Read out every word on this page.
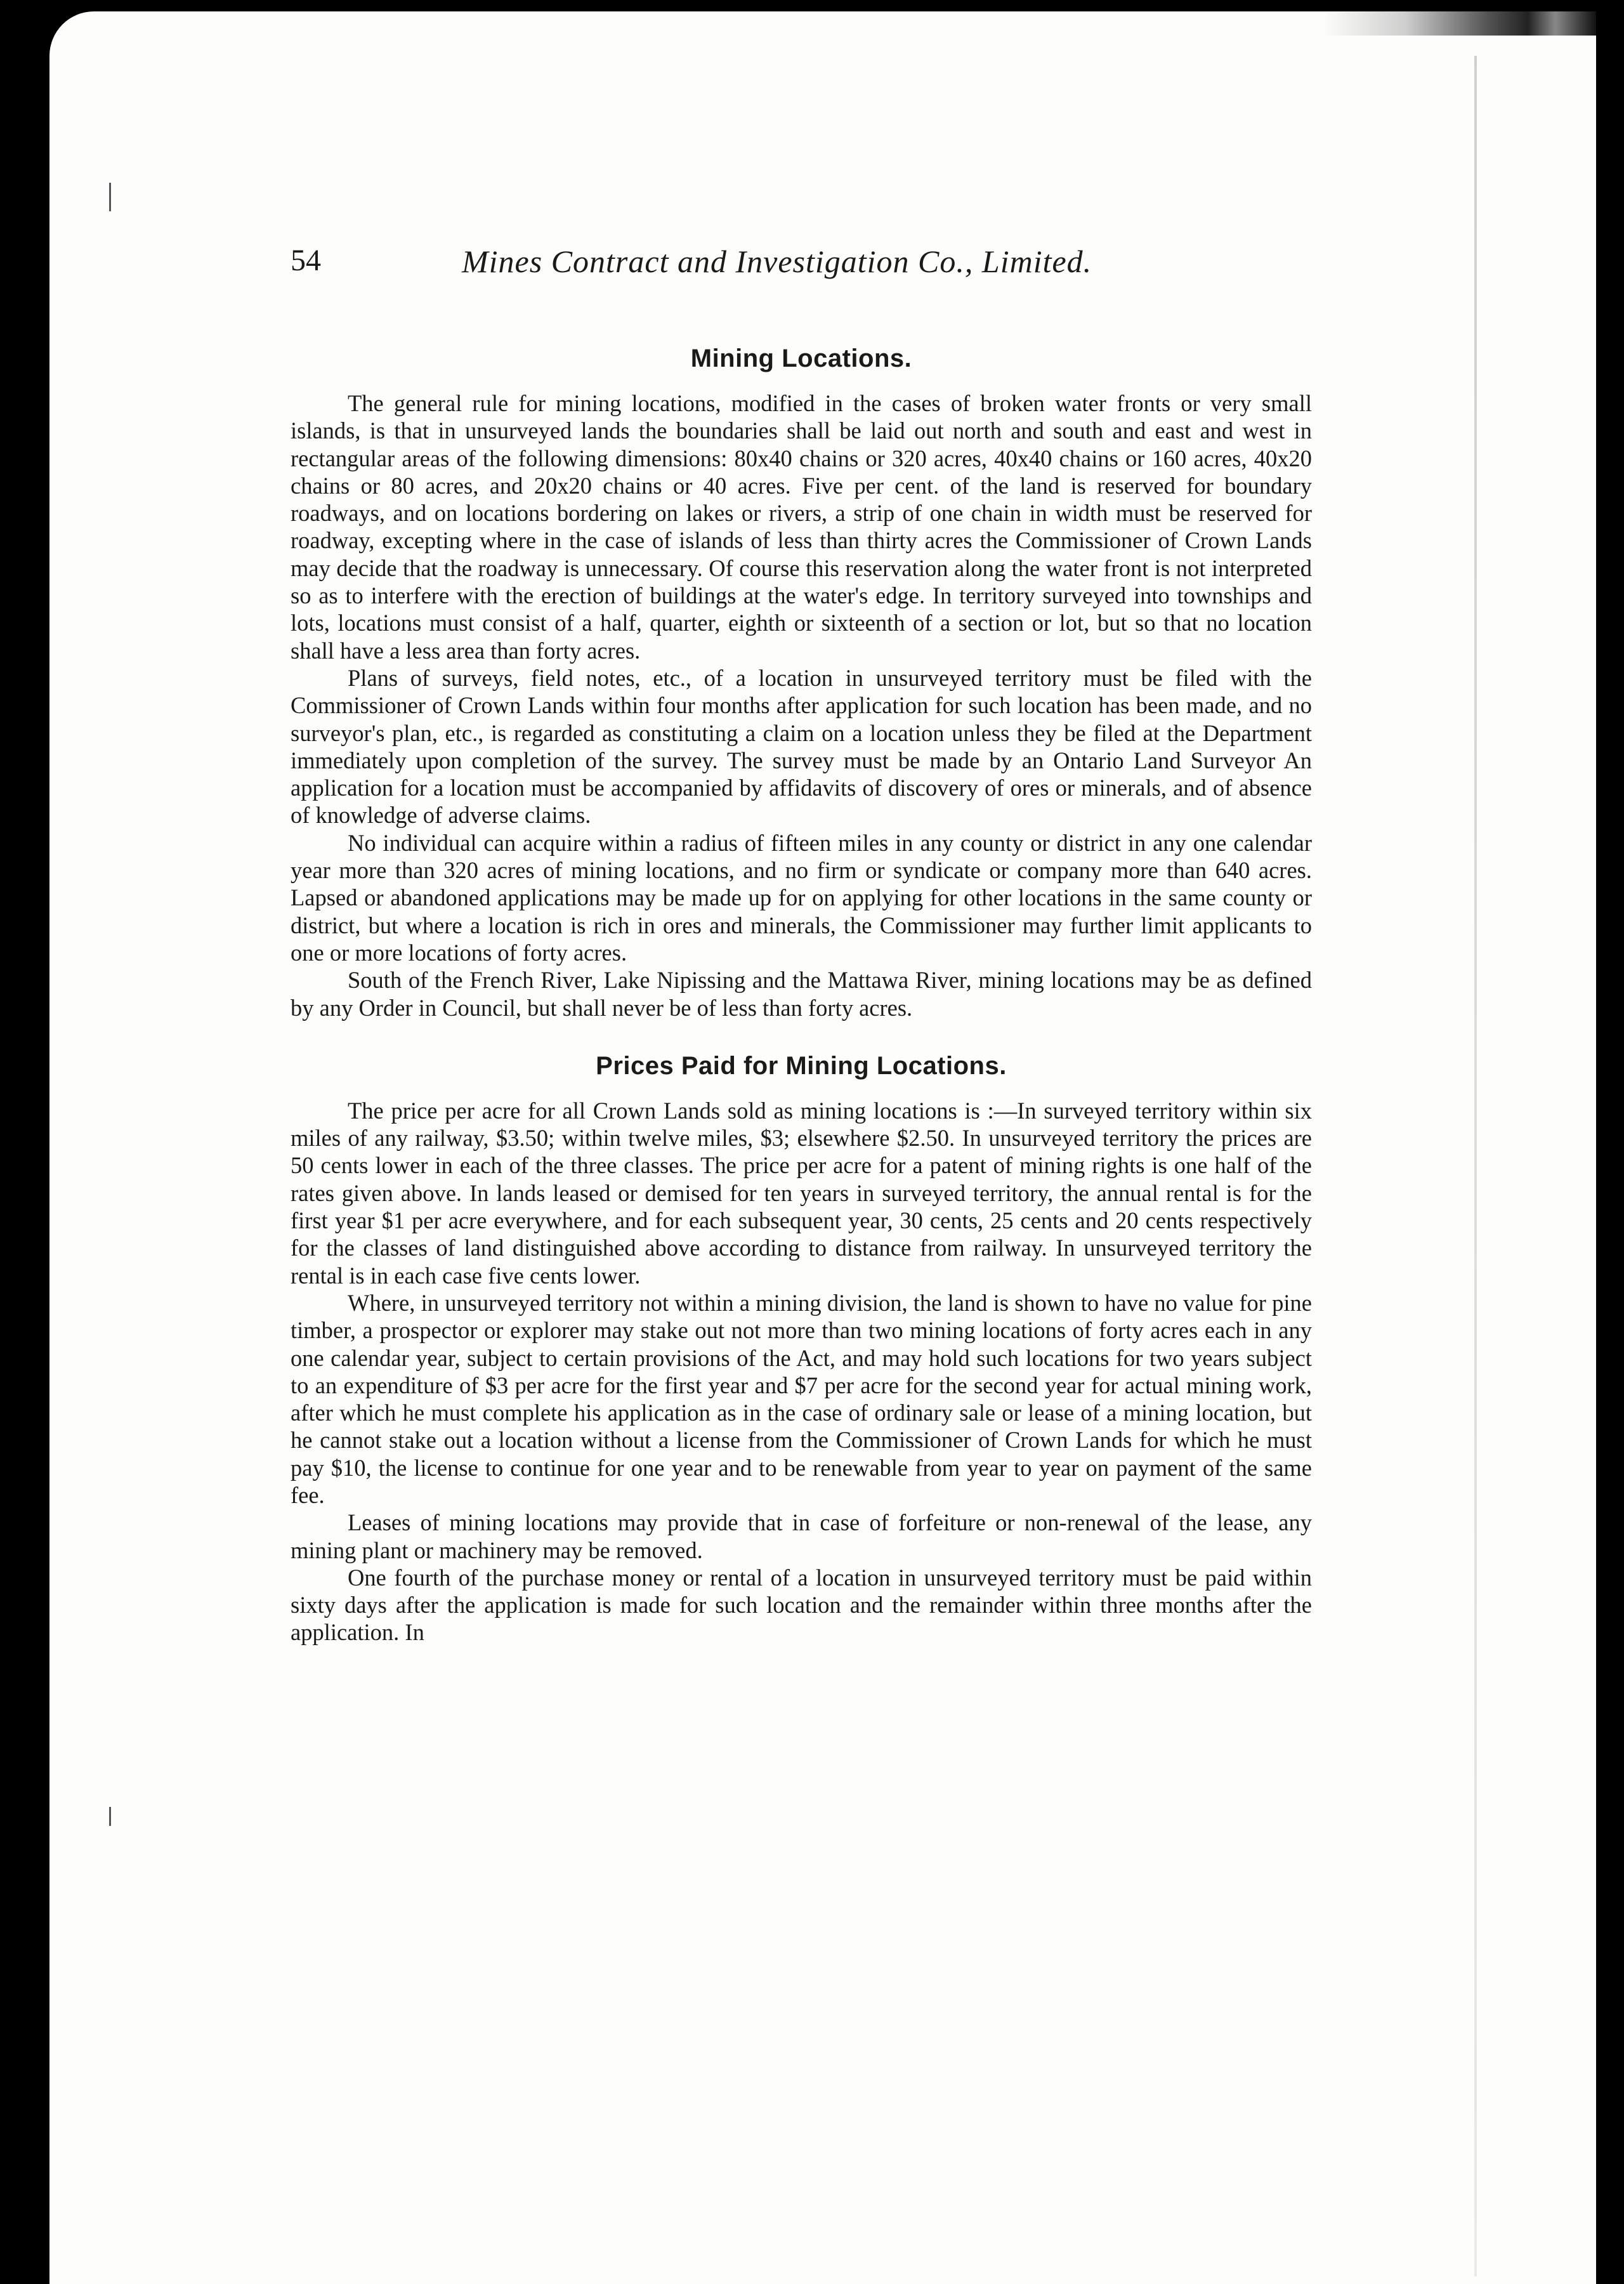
54	Mines Contract and Investigation Co., Limited.
Mining Locations.

The general rule for mining locations, modified in the cases of broken water fronts or very small islands, is that in unsurveyed lands the boundaries shall be laid out north and south and east and west in rectangular areas of the following dimensions: 80x40 chains or 320 acres, 40x40 chains or 160 acres, 40x20 chains or 80 acres, and 20x20 chains or 40 acres. Five per cent. of the land is reserved for boundary roadways, and on locations bordering on lakes or rivers, a strip of one chain in width must be reserved for roadway, excepting where in the case of islands of less than thirty acres the Commissioner of Crown Lands may decide that the roadway is unnecessary. Of course this reservation along the water front is not interpreted so as to interfere with the erection of buildings at the water's edge. In territory surveyed into townships and lots, locations must consist of a half, quarter, eighth or sixteenth of a section or lot, but so that no location shall have a less area than forty acres.

Plans of surveys, field notes, etc., of a location in unsurveyed territory must be filed with the Commissioner of Crown Lands within four months after application for such location has been made, and no surveyor's plan, etc., is regarded as constituting a claim on a location unless they be filed at the Department immediately upon completion of the survey. The survey must be made by an Ontario Land Surveyor An application for a location must be accompanied by affidavits of discovery of ores or minerals, and of absence of knowledge of adverse claims.

No individual can acquire within a radius of fifteen miles in any county or district in any one calendar year more than 320 acres of mining locations, and no firm or syndicate or company more than 640 acres. Lapsed or abandoned applications may be made up for on applying for other locations in the same county or district, but where a location is rich in ores and minerals, the Commissioner may further limit applicants to one or more locations of forty acres.

South of the French River, Lake Nipissing and the Mattawa River, mining locations may be as defined by any Order in Council, but shall never be of less than forty acres.

Prices Paid for Mining Locations.

The price per acre for all Crown Lands sold as mining locations is :—In surveyed territory within six miles of any railway, $3.50; within twelve miles, $3; elsewhere $2.50. In unsurveyed territory the prices are 50 cents lower in each of the three classes. The price per acre for a patent of mining rights is one half of the rates given above. In lands leased or demised for ten years in surveyed territory, the annual rental is for the first year $1 per acre everywhere, and for each subsequent year, 30 cents, 25 cents and 20 cents respectively for the classes of land distinguished above according to distance from railway. In unsurveyed territory the rental is in each case five cents lower.

Where, in unsurveyed territory not within a mining division, the land is shown to have no value for pine timber, a prospector or explorer may stake out not more than two mining locations of forty acres each in any one calendar year, subject to certain provisions of the Act, and may hold such locations for two years subject to an expenditure of $3 per acre for the first year and $7 per acre for the second year for actual mining work, after which he must complete his application as in the case of ordinary sale or lease of a mining location, but he cannot stake out a location without a license from the Commissioner of Crown Lands for which he must pay $10, the license to continue for one year and to be renewable from year to year on payment of the same fee.

Leases of mining locations may provide that in case of forfeiture or non-renewal of the lease, any mining plant or machinery may be removed.

One fourth of the purchase money or rental of a location in unsurveyed territory must be paid within sixty days after the application is made for such location and the remainder within three months after the application. In
